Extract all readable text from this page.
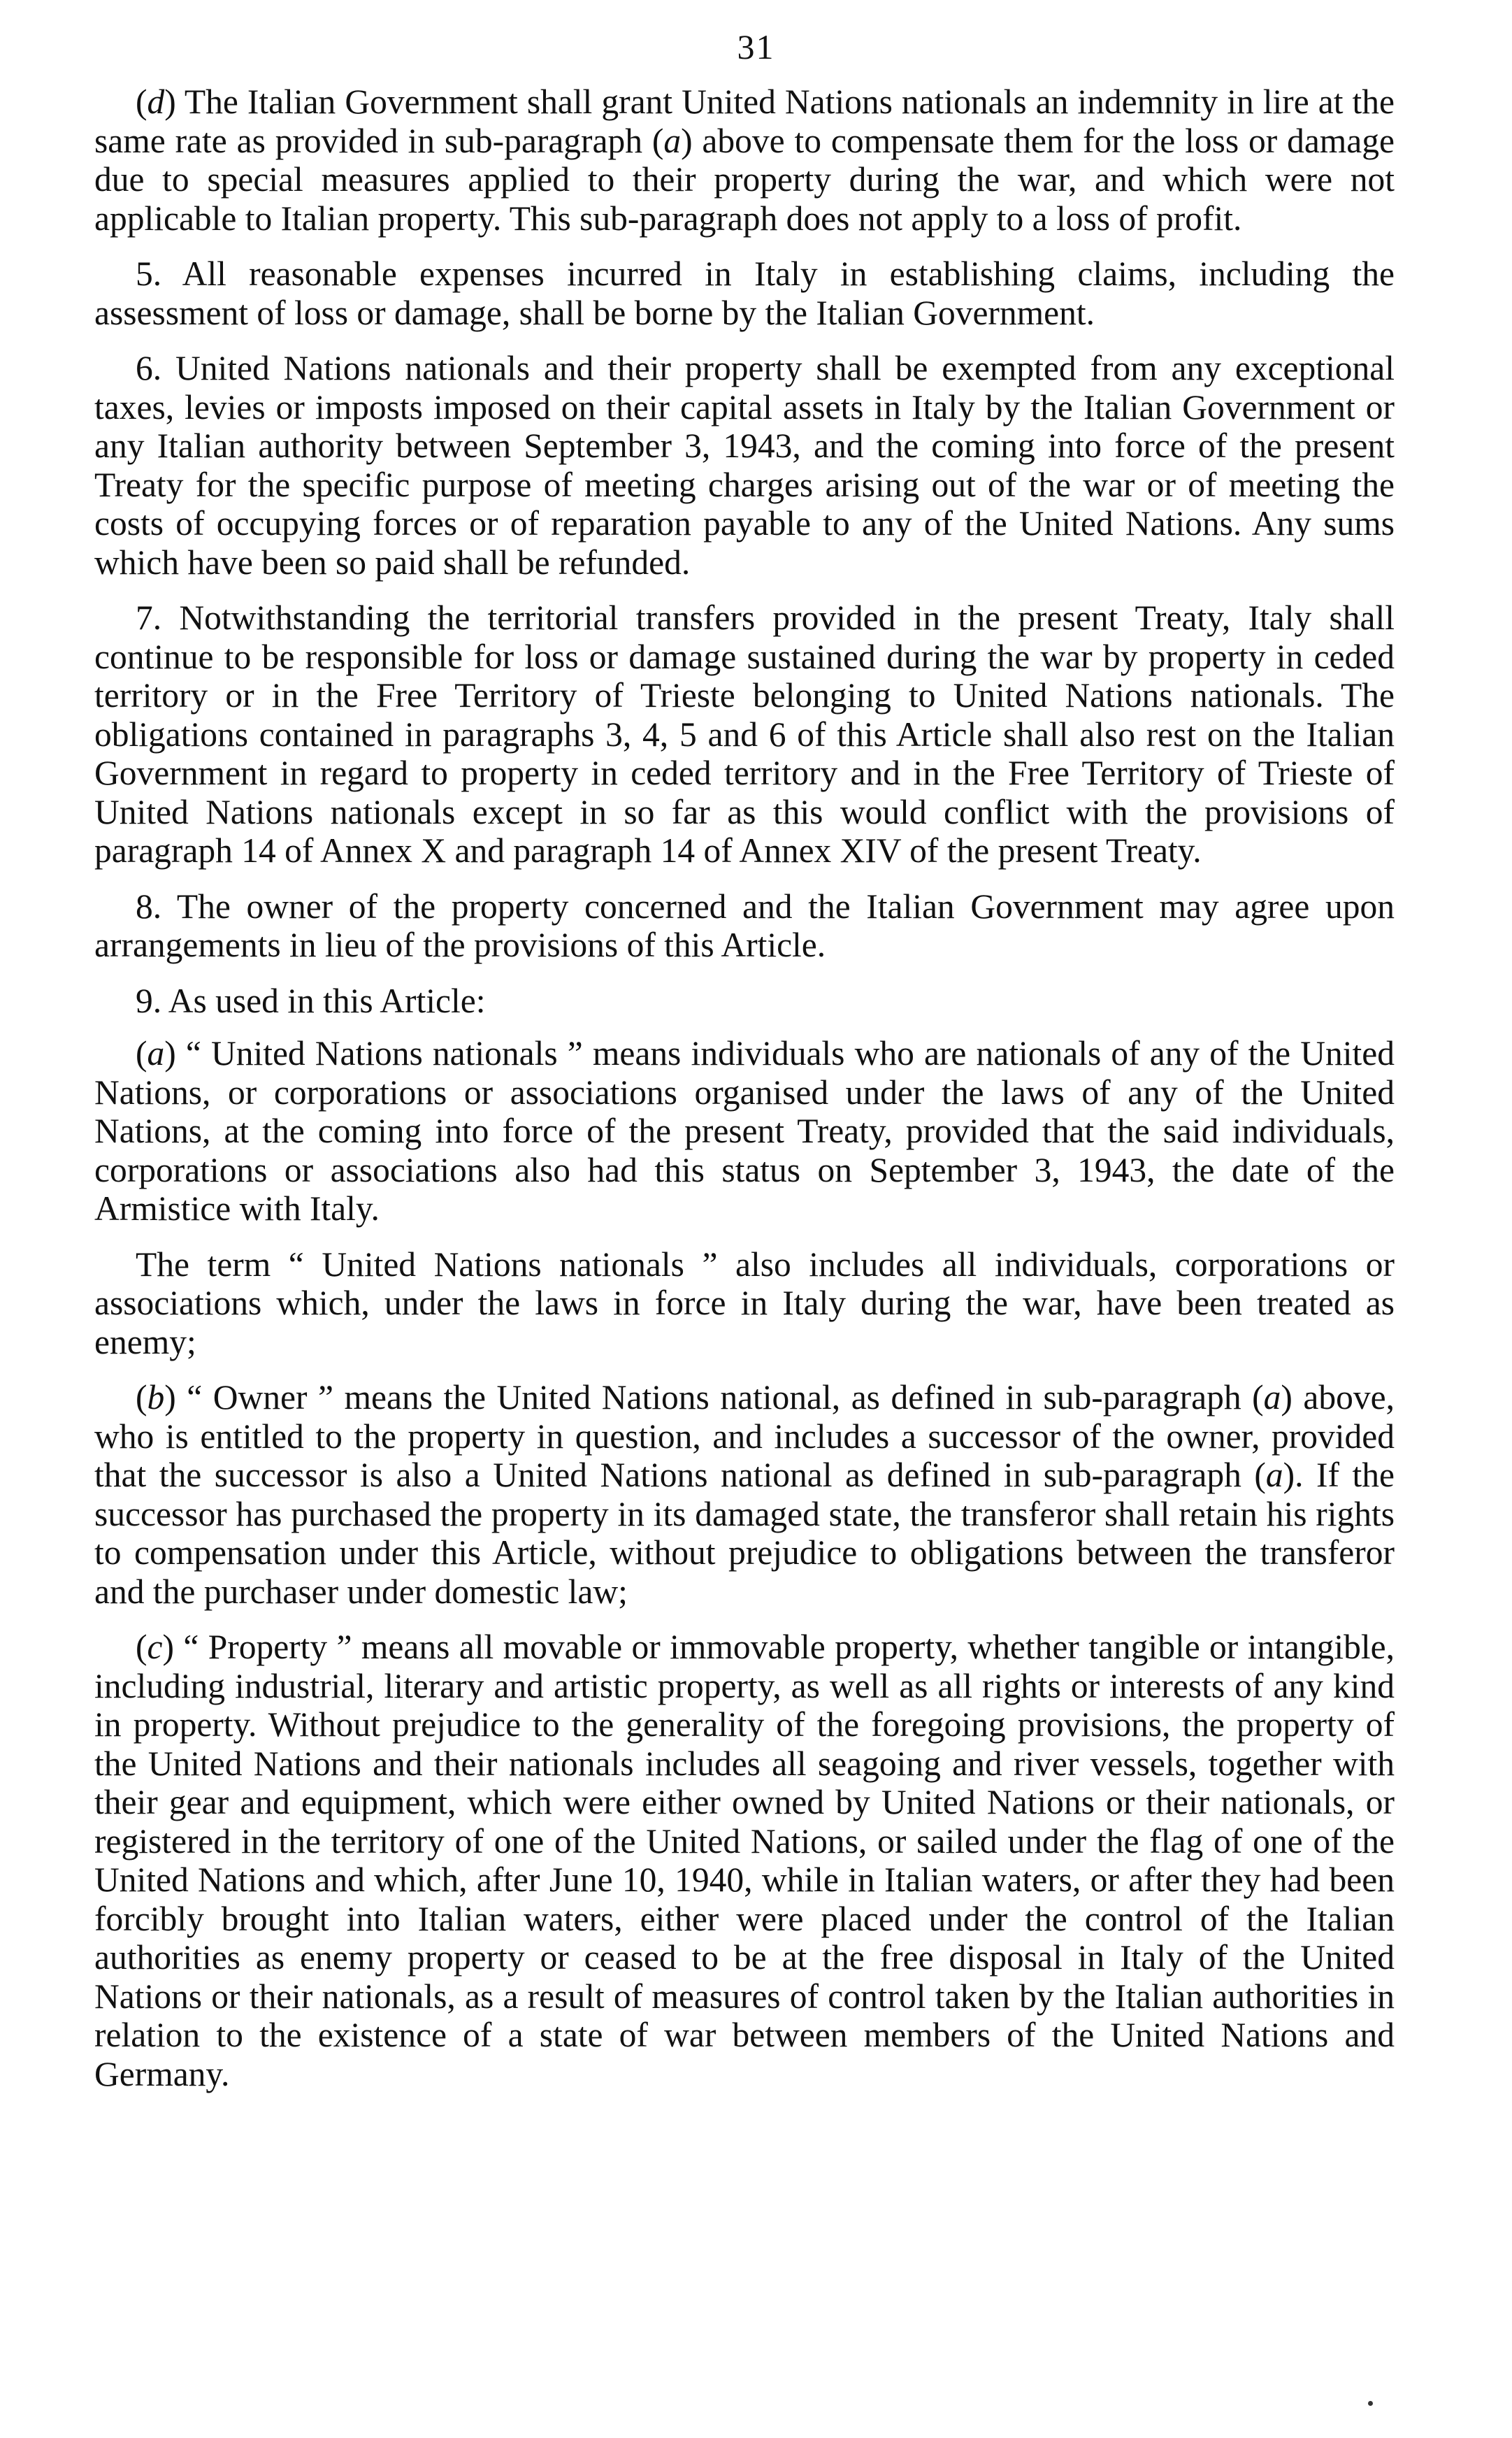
31

(d) The Italian Government shall grant United Nations nationals an indemnity in lire at the same rate as provided in sub-paragraph (a) above to compensate them for the loss or damage due to special measures applied to their property during the war, and which were not applicable to Italian property. This sub-paragraph does not apply to a loss of profit.

5. All reasonable expenses incurred in Italy in establishing claims, including the assessment of loss or damage, shall be borne by the Italian Government.

6. United Nations nationals and their property shall be exempted from any exceptional taxes, levies or imposts imposed on their capital assets in Italy by the Italian Government or any Italian authority between September 3, 1943, and the coming into force of the present Treaty for the specific purpose of meeting charges arising out of the war or of meeting the costs of occupying forces or of reparation payable to any of the United Nations. Any sums which have been so paid shall be refunded.

7. Notwithstanding the territorial transfers provided in the present Treaty, Italy shall continue to be responsible for loss or damage sustained during the war by property in ceded territory or in the Free Territory of Trieste belonging to United Nations nationals. The obligations contained in paragraphs 3, 4, 5 and 6 of this Article shall also rest on the Italian Government in regard to property in ceded territory and in the Free Territory of Trieste of United Nations nationals except in so far as this would conflict with the provisions of paragraph 14 of Annex X and paragraph 14 of Annex XIV of the present Treaty.

8. The owner of the property concerned and the Italian Government may agree upon arrangements in lieu of the provisions of this Article.

9. As used in this Article:

(a) “ United Nations nationals ” means individuals who are nationals of any of the United Nations, or corporations or associations organised under the laws of any of the United Nations, at the coming into force of the present Treaty, provided that the said individuals, corporations or associations also had this status on September 3, 1943, the date of the Armistice with Italy.

The term “ United Nations nationals ” also includes all individuals, corporations or associations which, under the laws in force in Italy during the war, have been treated as enemy;

(b) “ Owner ” means the United Nations national, as defined in sub-paragraph (a) above, who is entitled to the property in question, and includes a successor of the owner, provided that the successor is also a United Nations national as defined in sub-paragraph (a). If the successor has purchased the property in its damaged state, the transferor shall retain his rights to compensation under this Article, without prejudice to obligations between the transferor and the purchaser under domestic law;

(c) “ Property ” means all movable or immovable property, whether tangible or intangible, including industrial, literary and artistic property, as well as all rights or interests of any kind in property. Without prejudice to the generality of the foregoing provisions, the property of the United Nations and their nationals includes all seagoing and river vessels, together with their gear and equipment, which were either owned by United Nations or their nationals, or registered in the territory of one of the United Nations, or sailed under the flag of one of the United Nations and which, after June 10, 1940, while in Italian waters, or after they had been forcibly brought into Italian waters, either were placed under the control of the Italian authorities as enemy property or ceased to be at the free disposal in Italy of the United Nations or their nationals, as a result of measures of control taken by the Italian authorities in relation to the existence of a state of war between members of the United Nations and Germany.
